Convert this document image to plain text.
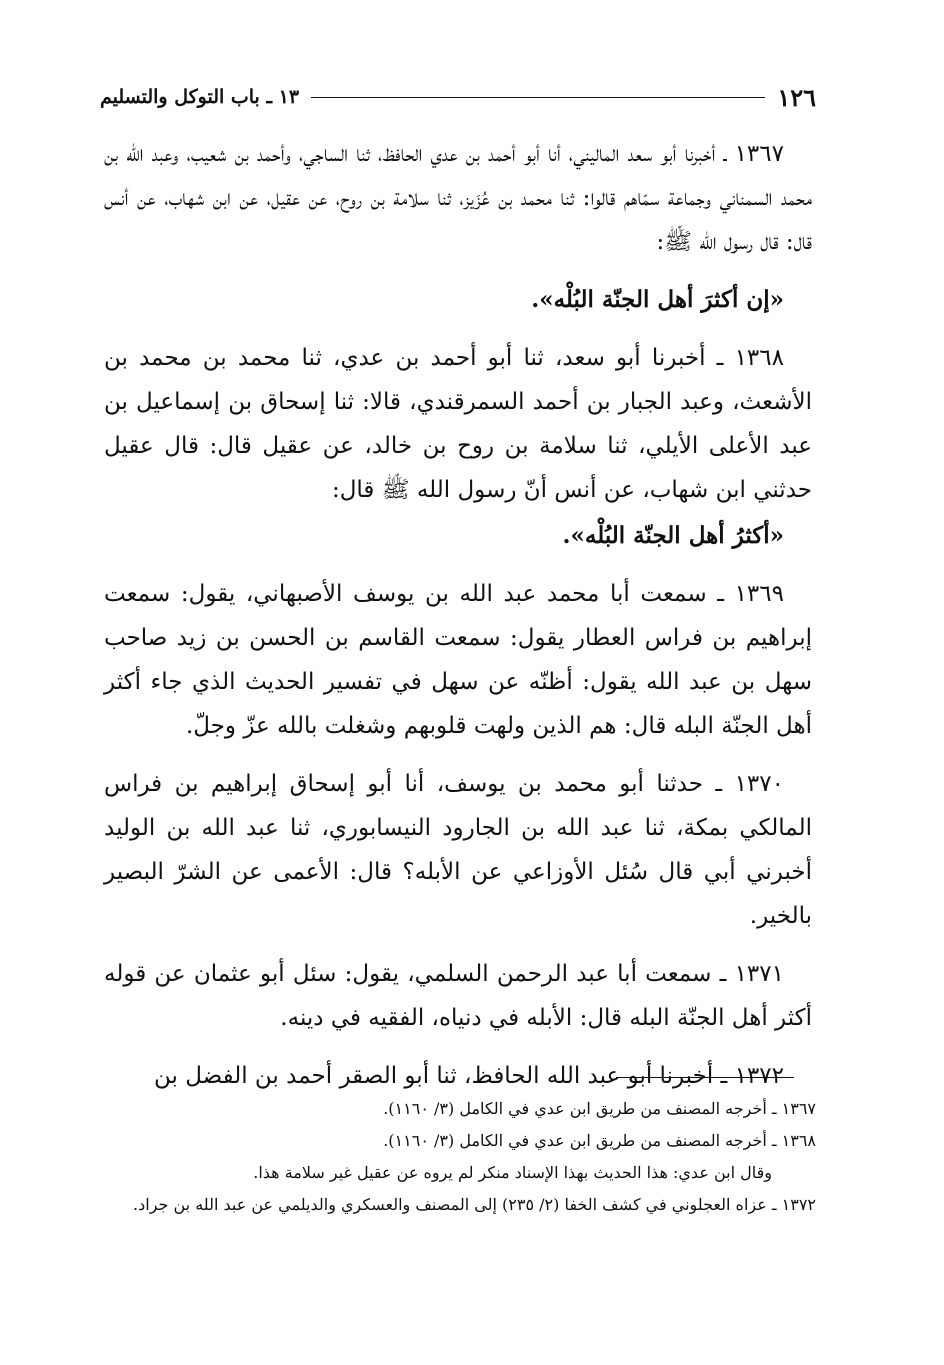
١٢٦
١٣ ـ باب التوكل والتسليم

١٣٦٧ ـ أخبرنا أبو سعد الماليني، أنا أبو أحمد بن عدي الحافظ، ثنا الساجي، وأحمد بن شعيب، وعبد الله بن محمد السمناني وجماعة سمّاهم قالوا: ثنا محمد بن عُزَيز، ثنا سلامة بن روح، عن عقيل، عن ابن شهاب، عن أنس قال: قال رسول الله ﷺ:

«إن أكثرَ أهل الجنّة البُلْه».

١٣٦٨ ـ أخبرنا أبو سعد، ثنا أبو أحمد بن عدي، ثنا محمد بن محمد بن الأشعث، وعبد الجبار بن أحمد السمرقندي، قالا: ثنا إسحاق بن إسماعيل بن عبد الأعلى الأيلي، ثنا سلامة بن روح بن خالد، عن عقيل قال: قال عقيل حدثني ابن شهاب، عن أنس أنّ رسول الله ﷺ قال:

«أكثرُ أهل الجنّة البُلْه».

١٣٦٩ ـ سمعت أبا محمد عبد الله بن يوسف الأصبهاني، يقول: سمعت إبراهيم بن فراس العطار يقول: سمعت القاسم بن الحسن بن زيد صاحب سهل بن عبد الله يقول: أظنّه عن سهل في تفسير الحديث الذي جاء أكثر أهل الجنّة البله قال: هم الذين ولهت قلوبهم وشغلت بالله عزّ وجلّ.

١٣٧٠ ـ حدثنا أبو محمد بن يوسف، أنا أبو إسحاق إبراهيم بن فراس المالكي بمكة، ثنا عبد الله بن الجارود النيسابوري، ثنا عبد الله بن الوليد أخبرني أبي قال سُئل الأوزاعي عن الأبله؟ قال: الأعمى عن الشرّ البصير بالخير.

١٣٧١ ـ سمعت أبا عبد الرحمن السلمي، يقول: سئل أبو عثمان عن قوله أكثر أهل الجنّة البله قال: الأبله في دنياه، الفقيه في دينه.

١٣٧٢ ـ أخبرنا أبو عبد الله الحافظ، ثنا أبو الصقر أحمد بن الفضل بن

١٣٦٧ ـ أخرجه المصنف من طريق ابن عدي في الكامل (٣/ ١١٦٠).

١٣٦٨ ـ أخرجه المصنف من طريق ابن عدي في الكامل (٣/ ١١٦٠).

وقال ابن عدي: هذا الحديث بهذا الإسناد منكر لم يروه عن عقيل غير سلامة هذا.

١٣٧٢ ـ عزاه العجلوني في كشف الخفا (٢/ ٢٣٥) إلى المصنف والعسكري والديلمي عن عبد الله بن جراد.
